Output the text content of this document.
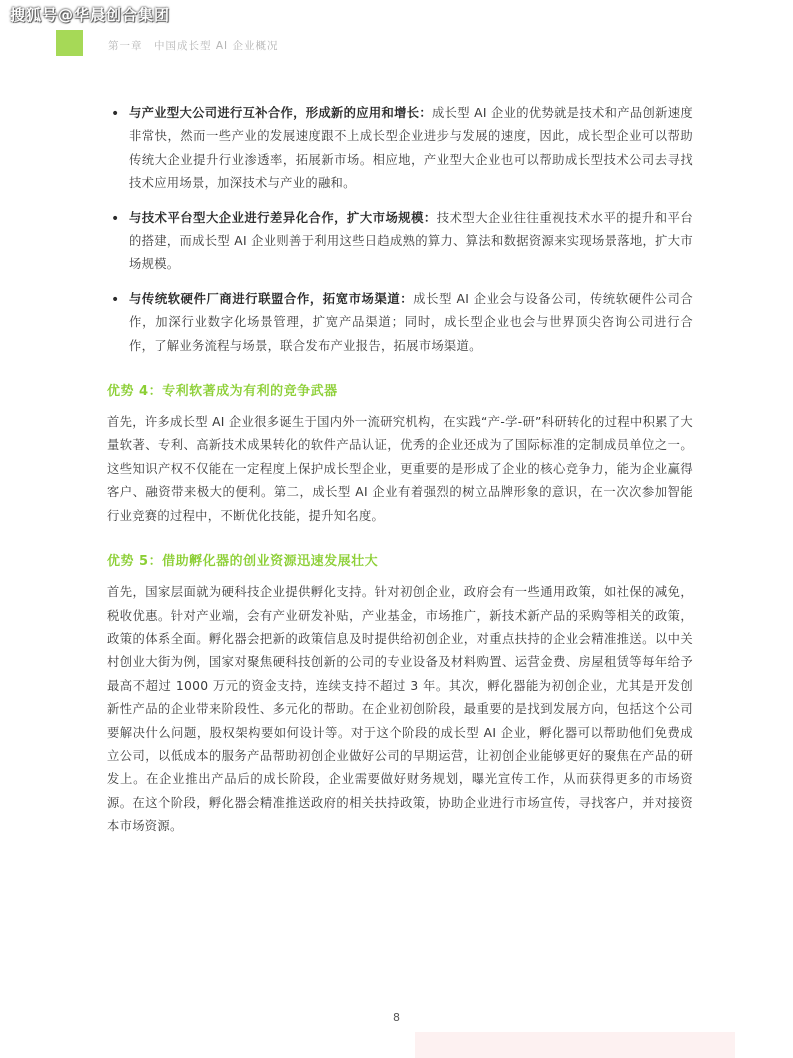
搜狐号@华晨创合集团
第一章　中国成长型 AI 企业概况
• 与产业型大公司进行互补合作，形成新的应用和增长：成长型 AI 企业的优势就是技术和产品创新速度非常快，然而一些产业的发展速度跟不上成长型企业进步与发展的速度，因此，成长型企业可以帮助传统大企业提升行业渗透率，拓展新市场。相应地，产业型大企业也可以帮助成长型技术公司去寻找技术应用场景，加深技术与产业的融和。
• 与技术平台型大企业进行差异化合作，扩大市场规模：技术型大企业往往重视技术水平的提升和平台的搭建，而成长型 AI 企业则善于利用这些日趋成熟的算力、算法和数据资源来实现场景落地，扩大市场规模。
• 与传统软硬件厂商进行联盟合作，拓宽市场渠道：成长型 AI 企业会与设备公司，传统软硬件公司合作，加深行业数字化场景管理，扩宽产品渠道；同时，成长型企业也会与世界顶尖咨询公司进行合作，了解业务流程与场景，联合发布产业报告，拓展市场渠道。
优势 4：专利软著成为有利的竞争武器

首先，许多成长型 AI 企业很多诞生于国内外一流研究机构，在实践“产-学-研”科研转化的过程中积累了大量软著、专利、高新技术成果转化的软件产品认证，优秀的企业还成为了国际标准的定制成员单位之一。这些知识产权不仅能在一定程度上保护成长型企业，更重要的是形成了企业的核心竞争力，能为企业赢得客户、融资带来极大的便利。第二，成长型 AI 企业有着强烈的树立品牌形象的意识，在一次次参加智能行业竞赛的过程中，不断优化技能，提升知名度。

优势 5：借助孵化器的创业资源迅速发展壮大

首先，国家层面就为硬科技企业提供孵化支持。针对初创企业，政府会有一些通用政策，如社保的减免，税收优惠。针对产业端，会有产业研发补贴，产业基金，市场推广，新技术新产品的采购等相关的政策，政策的体系全面。孵化器会把新的政策信息及时提供给初创企业，对重点扶持的企业会精准推送。以中关村创业大街为例，国家对聚焦硬科技创新的公司的专业设备及材料购置、运营金费、房屋租赁等每年给予最高不超过 1000 万元的资金支持，连续支持不超过 3 年。其次，孵化器能为初创企业，尤其是开发创新性产品的企业带来阶段性、多元化的帮助。在企业初创阶段，最重要的是找到发展方向，包括这个公司要解决什么问题，股权架构要如何设计等。对于这个阶段的成长型 AI 企业，孵化器可以帮助他们免费成立公司，以低成本的服务产品帮助初创企业做好公司的早期运营，让初创企业能够更好的聚焦在产品的研发上。在企业推出产品后的成长阶段，企业需要做好财务规划，曝光宣传工作，从而获得更多的市场资源。在这个阶段，孵化器会精准推送政府的相关扶持政策，协助企业进行市场宣传，寻找客户，并对接资本市场资源。

8
